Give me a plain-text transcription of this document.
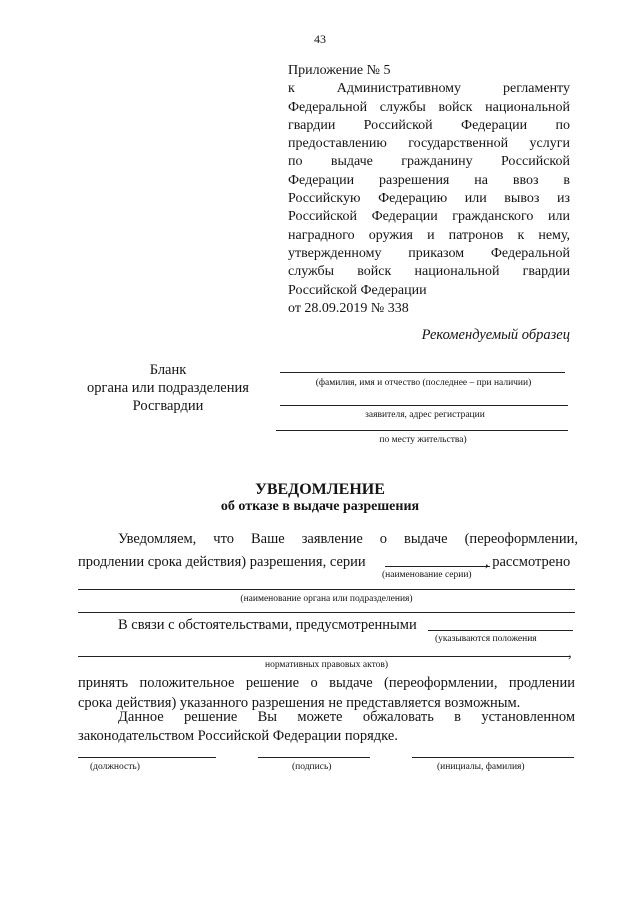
43
Приложение № 5
к Административному регламенту
Федеральной службы войск национальной
гвардии Российской Федерации по
предоставлению государственной услуги
по выдаче гражданину Российской
Федерации разрешения на ввоз в
Российскую Федерацию или вывоз из
Российской Федерации гражданского или
наградного оружия и патронов к нему,
утвержденному приказом Федеральной
службы войск национальной гвардии
Российской Федерации
от 28.09.2019 № 338
Рекомендуемый образец
Бланк
органа или подразделения
Росгвардии
(фамилия, имя и отчество (последнее – при наличии)
заявителя, адрес регистрации
по месту жительства)
УВЕДОМЛЕНИЕ
об отказе в выдаче разрешения
Уведомляем, что Ваше заявление о выдаче (переоформлении,
продлении срока действия) разрешения, серии	, рассмотрено
(наименование серии)
(наименование органа или подразделения)
В связи с обстоятельствами, предусмотренными
(указываются положения
,
нормативных правовых актов)
принять положительное решение о выдаче (переоформлении, продлении
срока действия) указанного разрешения не представляется возможным.
Данное решение Вы можете обжаловать в установленном
законодательством Российской Федерации порядке.
(должность)	(подпись)	(инициалы, фамилия)
